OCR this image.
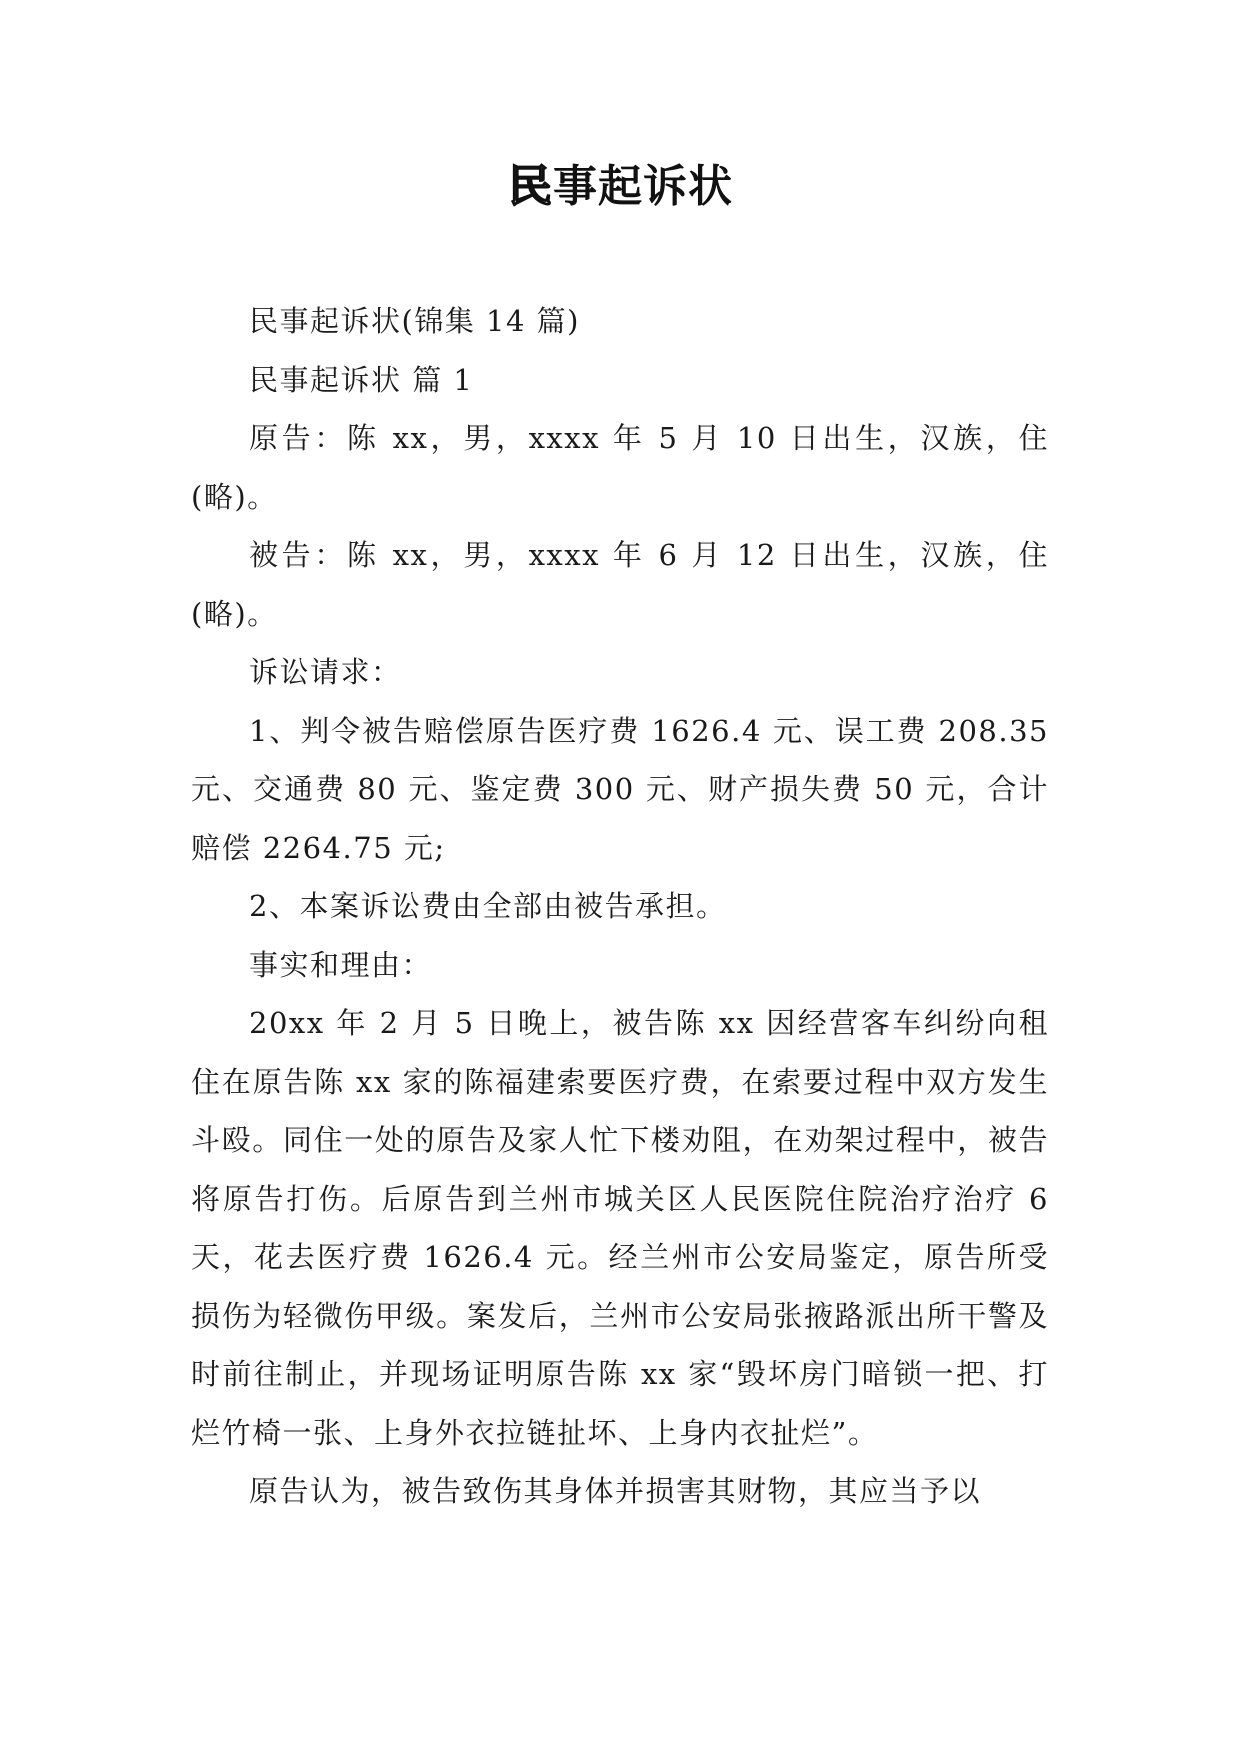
民事起诉状

民事起诉状(锦集 14 篇)

民事起诉状 篇 1

原告：陈 xx，男，xxxx 年 5 月 10 日出生，汉族，住(略)。

被告：陈 xx，男，xxxx 年 6 月 12 日出生，汉族，住(略)。

诉讼请求：

1、判令被告赔偿原告医疗费 1626.4 元、误工费 208.35 元、交通费 80 元、鉴定费 300 元、财产损失费 50 元，合计赔偿 2264.75 元;

2、本案诉讼费由全部由被告承担。

事实和理由：

20xx 年 2 月 5 日晚上，被告陈 xx 因经营客车纠纷向租住在原告陈 xx 家的陈福建索要医疗费，在索要过程中双方发生斗殴。同住一处的原告及家人忙下楼劝阻，在劝架过程中，被告将原告打伤。后原告到兰州市城关区人民医院住院治疗治疗 6 天，花去医疗费 1626.4 元。经兰州市公安局鉴定，原告所受损伤为轻微伤甲级。案发后，兰州市公安局张掖路派出所干警及时前往制止，并现场证明原告陈 xx 家“毁坏房门暗锁一把、打烂竹椅一张、上身外衣拉链扯坏、上身内衣扯烂”。

原告认为，被告致伤其身体并损害其财物，其应当予以
